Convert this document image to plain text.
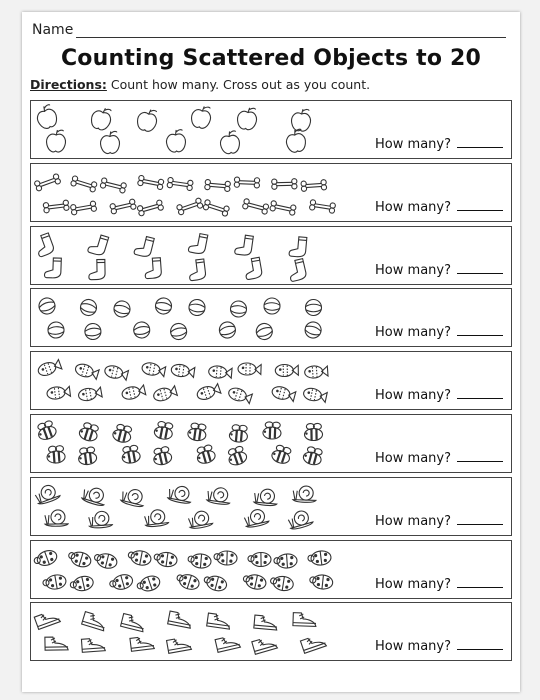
Name
Counting Scattered Objects to 20
Directions: Count how many. Cross out as you count.
How many?
How many?
How many?
How many?
How many?
How many?
How many?
How many?
How many?
